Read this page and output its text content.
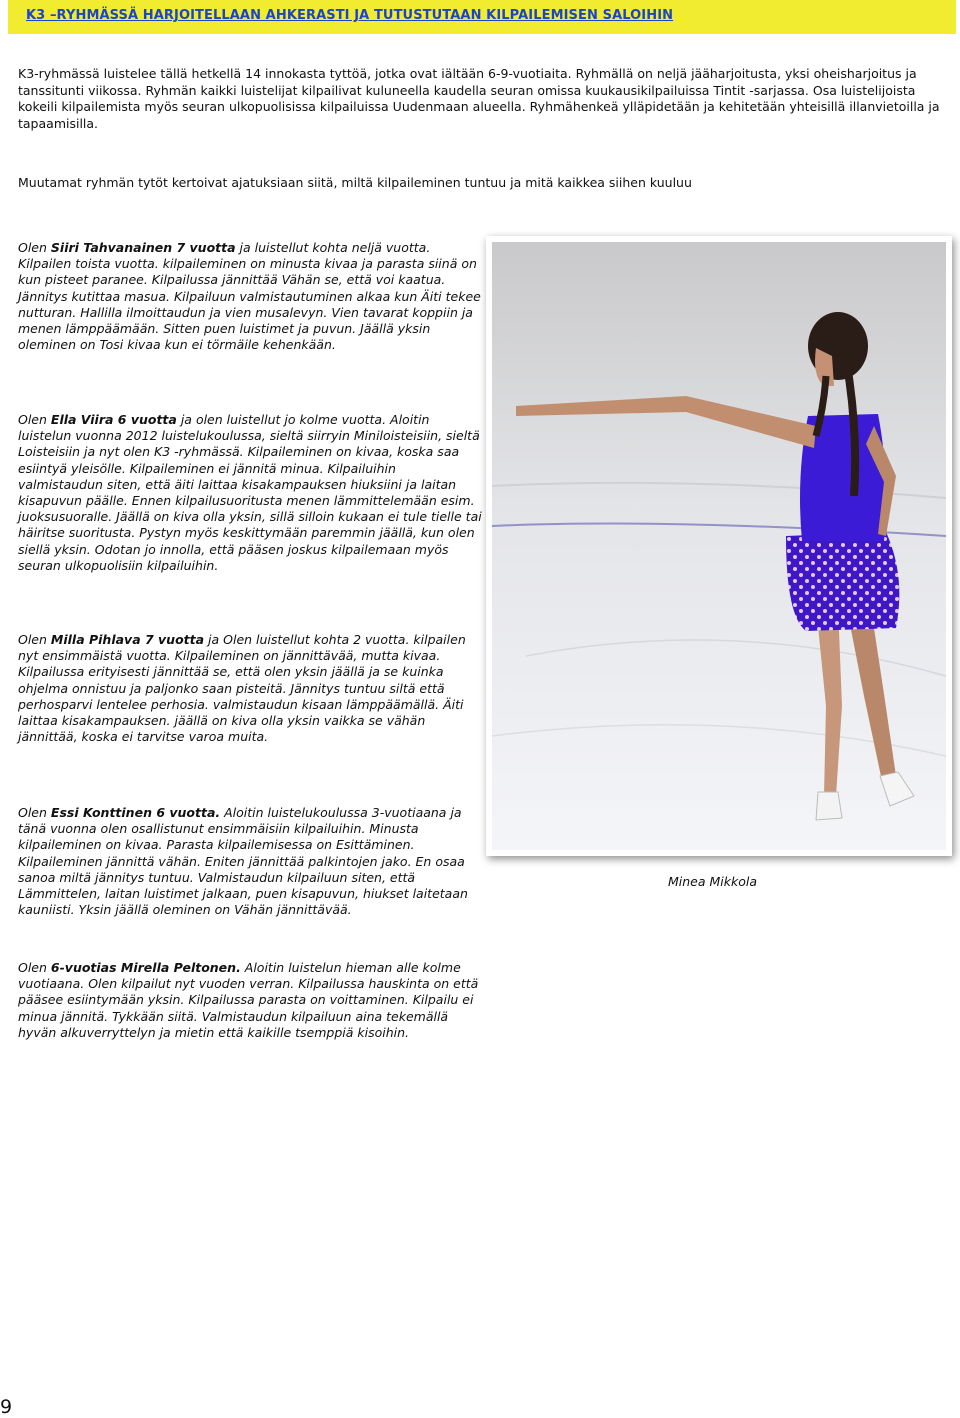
K3 –RYHMÄSSÄ HARJOITELLAAN AHKERASTI JA TUTUSTUTAAN KILPAILEMISEN SALOIHIN

K3-ryhmässä luistelee tällä hetkellä 14 innokasta tyttöä, jotka ovat iältään 6-9-vuotiaita. Ryhmällä on neljä jääharjoitusta, yksi oheisharjoitus ja tanssitunti viikossa. Ryhmän kaikki luistelijat kilpailivat kuluneella kaudella seuran omissa kuukausikilpailuissa Tintit -sarjassa. Osa luistelijoista kokeili kilpailemista myös seuran ulkopuolisissa kilpailuissa Uudenmaan alueella. Ryhmähenkeä ylläpidetään ja kehitetään yhteisillä illanvietoilla ja tapaamisilla.

Muutamat ryhmän tytöt kertoivat ajatuksiaan siitä, miltä kilpaileminen tuntuu ja mitä kaikkea siihen kuuluu

Olen Siiri Tahvanainen 7 vuotta ja luistellut kohta neljä vuotta. Kilpailen toista vuotta. kilpaileminen on minusta kivaa ja parasta siinä on kun pisteet paranee. Kilpailussa jännittää Vähän se, että voi kaatua. Jännitys kutittaa masua. Kilpailuun valmistautuminen alkaa kun Äiti tekee nutturan. Hallilla ilmoittaudun ja vien musalevyn. Vien tavarat koppiin ja menen lämppäämään. Sitten puen luistimet ja puvun. Jäällä yksin oleminen on Tosi kivaa kun ei törmäile kehenkään.

Olen Ella Viira 6 vuotta ja olen luistellut jo kolme vuotta. Aloitin luistelun vuonna 2012 luistelukoulussa, sieltä siirryin Miniloisteisiin, sieltä Loisteisiin ja nyt olen K3 -ryhmässä. Kilpaileminen on kivaa, koska saa esiintyä yleisölle. Kilpaileminen ei jännitä minua. Kilpailuihin valmistaudun siten, että äiti laittaa kisakampauksen hiuksiini ja laitan kisapuvun päälle. Ennen kilpailusuoritusta menen lämmittelemään esim. juoksusuoralle. Jäällä on kiva olla yksin, sillä silloin kukaan ei tule tielle tai häiritse suoritusta. Pystyn myös keskittymään paremmin jäällä, kun olen siellä yksin. Odotan jo innolla, että pääsen joskus kilpailemaan myös seuran ulkopuolisiin kilpailuihin.

Olen Milla Pihlava 7 vuotta ja Olen luistellut kohta 2 vuotta. kilpailen nyt ensimmäistä vuotta. Kilpaileminen on jännittävää, mutta kivaa. Kilpailussa erityisesti jännittää se, että olen yksin jäällä ja se kuinka ohjelma onnistuu ja paljonko saan pisteitä. Jännitys tuntuu siltä että perhosparvi lentelee perhosia. valmistaudun kisaan lämppäämällä. Äiti laittaa kisakampauksen. jäällä on kiva olla yksin vaikka se vähän jännittää, koska ei tarvitse varoa muita.

Olen Essi Konttinen 6 vuotta. Aloitin luistelukoulussa 3-vuotiaana ja tänä vuonna olen osallistunut ensimmäisiin kilpailuihin. Minusta kilpaileminen on kivaa. Parasta kilpailemisessa on Esittäminen. Kilpaileminen jännittä vähän. Eniten jännittää palkintojen jako. En osaa sanoa miltä jännitys tuntuu. Valmistaudun kilpailuun siten, että Lämmittelen, laitan luistimet jalkaan, puen kisapuvun, hiukset laitetaan kauniisti. Yksin jäällä oleminen on Vähän jännittävää.

Olen 6-vuotias Mirella Peltonen. Aloitin luistelun hieman alle kolme vuotiaana. Olen kilpailut nyt vuoden verran. Kilpailussa hauskinta on että pääsee esiintymään yksin. Kilpailussa parasta on voittaminen. Kilpailu ei minua jännitä. Tykkään siitä. Valmistaudun kilpailuun aina tekemällä hyvän alkuverryttelyn ja mietin että kaikille tsemppiä kisoihin.

Minea Mikkola
9
